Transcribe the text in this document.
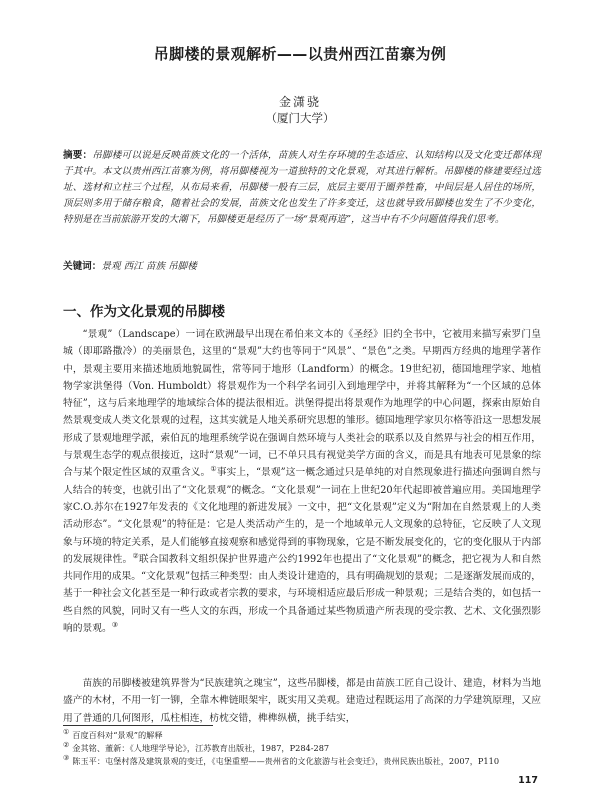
吊脚楼的景观解析——以贵州西江苗寨为例

金潇骁

（厦门大学）

摘要：吊脚楼可以说是反映苗族文化的一个活体，苗族人对生存环境的生态适应、认知结构以及文化变迁都体现于其中。本文以贵州西江苗寨为例，将吊脚楼视为一道独特的文化景观，对其进行解析。吊脚楼的修建要经过选址、选材和立柱三个过程，从布局来看，吊脚楼一般有三层，底层主要用于圈养牲畜，中间层是人居住的场所，顶层则多用于储存粮食，随着社会的发展，苗族文化也发生了许多变迁，这也就导致吊脚楼也发生了不少变化，特别是在当前旅游开发的大潮下，吊脚楼更是经历了一场“景观再造”，这当中有不少问题值得我们思考。

关键词：景观 西江 苗族 吊脚楼

一、作为文化景观的吊脚楼

“景观”（Landscape）一词在欧洲最早出现在希伯来文本的《圣经》旧约全书中，它被用来描写索罗门皇城（即耶路撒冷）的美丽景色，这里的“景观”大约也等同于“风景”、“景色”之类。早期西方经典的地理学著作中，景观主要用来描述地质地貌属性，常等同于地形（Landform）的概念。19世纪初，德国地理学家、地植物学家洪堡得（Von. Humboldt）将景观作为一个科学名词引入到地理学中，并将其解释为“一个区域的总体特征”，这与后来地理学的地域综合体的提法很相近。洪堡得提出将景观作为地理学的中心问题，探索由原始自然景观变成人类文化景观的过程，这其实就是人地关系研究思想的雏形。德国地理学家贝尔格等沿这一思想发展形成了景观地理学派，索伯瓦的地理系统学说在强调自然环境与人类社会的联系以及自然界与社会的相互作用，与景观生态学的观点很接近，这时“景观”一词，已不单只具有视觉美学方面的含义，而是具有地表可见景象的综合与某个限定性区域的双重含义。①事实上，“景观”这一概念通过只是单纯的对自然现象进行描述向强调自然与人结合的转变，也就引出了“文化景观”的概念。“文化景观”一词在上世纪20年代起即被普遍应用。美国地理学家C.O.苏尔在1927年发表的《文化地理的新进发展》一文中，把“文化景观”定义为“附加在自然景观上的人类活动形态”。“文化景观”的特征是：它是人类活动产生的，是一个地域单元人文现象的总特征，它反映了人文现象与环境的特定关系，是人们能够直接观察和感觉得到的事物现象，它是不断发展变化的，它的变化服从于内部的发展规律性。②联合国教科文组织保护世界遗产公约1992年也提出了“文化景观”的概念，把它视为人和自然共同作用的成果。“文化景观”包括三种类型：由人类设计建造的，具有明确规划的景观；二是逐渐发展而成的，基于一种社会文化甚至是一种行政或者宗教的要求，与环境相适应最后形成一种景观；三是结合类的，如包括一些自然的风貌，同时又有一些人文的东西，形成一个具备通过某些物质遗产所表现的受宗教、艺术、文化强烈影响的景观。③

苗族的吊脚楼被建筑界誉为“民族建筑之瑰宝”，这些吊脚楼，都是由苗族工匠自己设计、建造，材料为当地盛产的木材，不用一钉一铆，全靠木榫链眼架牢，既实用又美观。建造过程既运用了高深的力学建筑原理，又应用了普通的几何图形，瓜柱相连，枋枕交错，榫榫纵横，挑手结实，

① 百度百科对“景观”的解释

② 金其铭、董新：《人地理学导论》，江苏教育出版社，1987，P284-287

③ 陈玉平：屯堡村落及建筑景观的变迁，《屯堡重塑——贵州省的文化旅游与社会变迁》，贵州民族出版社，2007，P110

117
